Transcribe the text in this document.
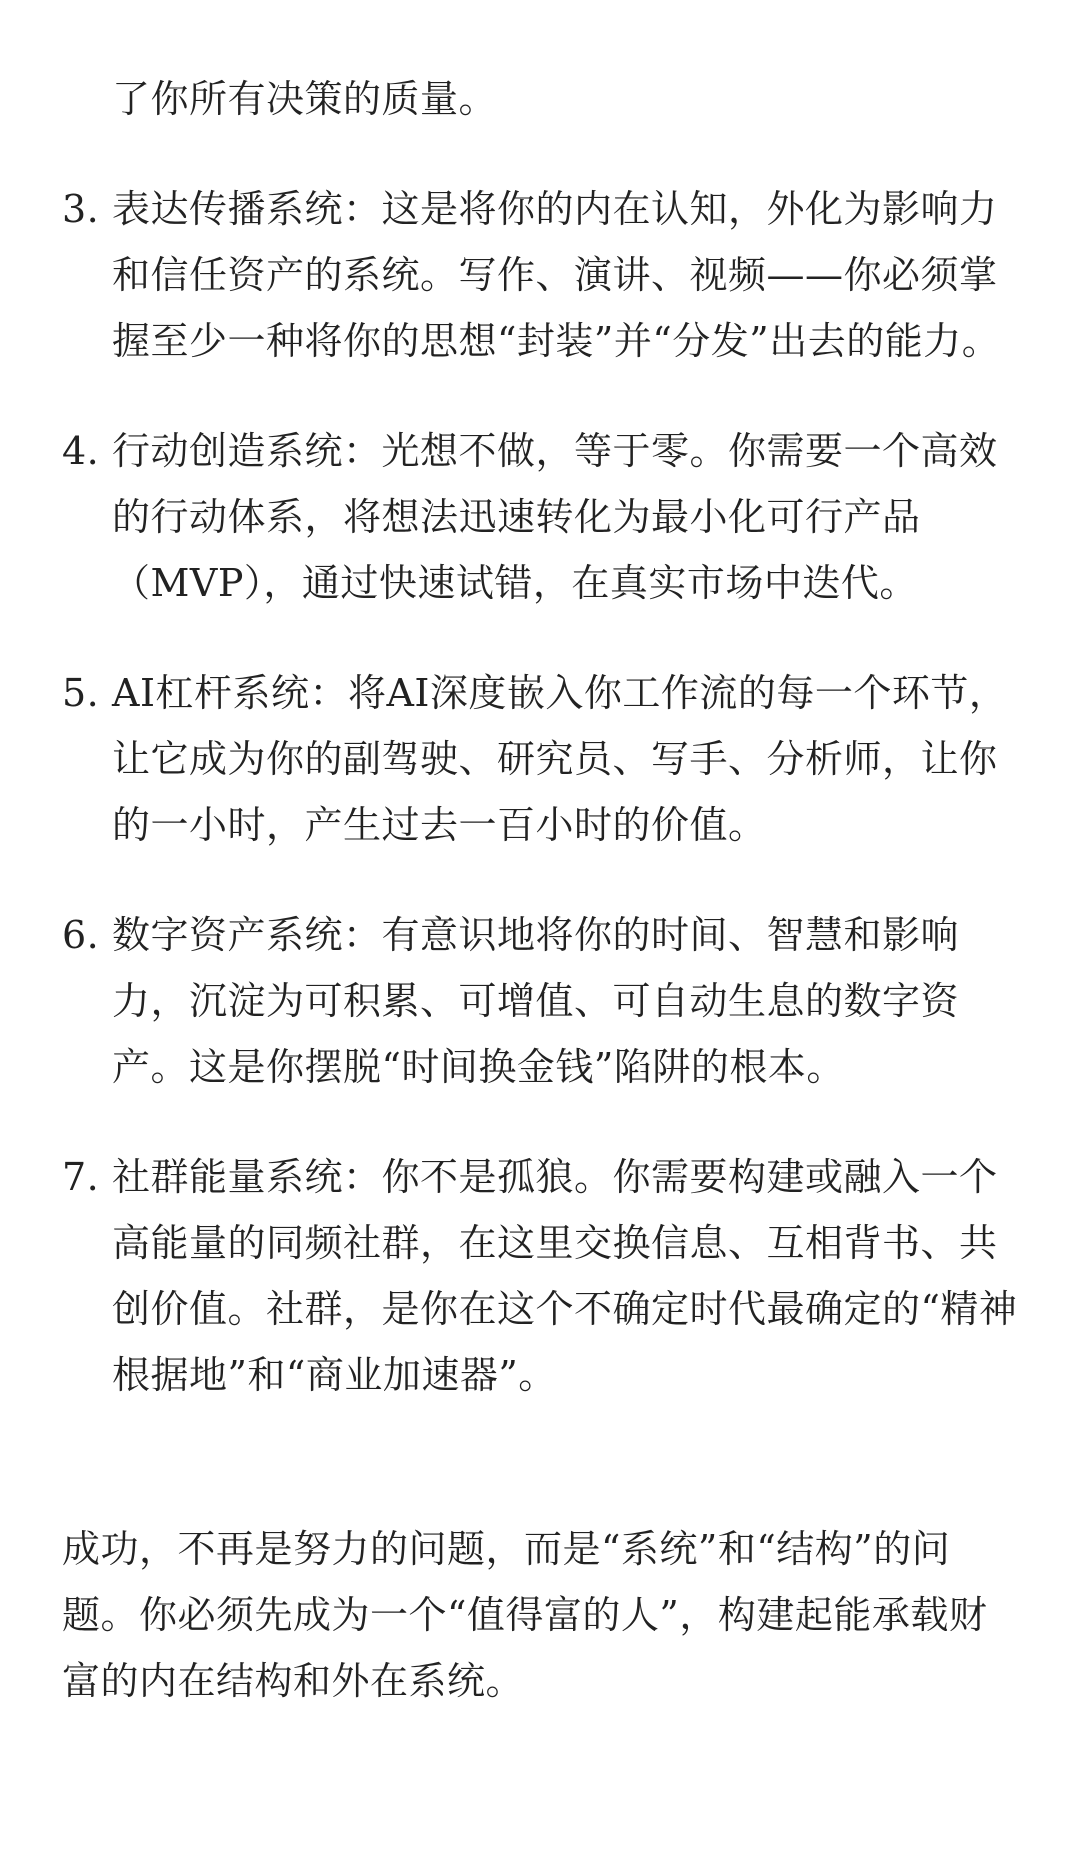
了你所有决策的质量。

3. 表达传播系统：这是将你的内在认知，外化为影响力和信任资产的系统。写作、演讲、视频——你必须掌握至少一种将你的思想“封装”并“分发”出去的能力。
4. 行动创造系统：光想不做，等于零。你需要一个高效的行动体系，将想法迅速转化为最小化可行产品（MVP），通过快速试错，在真实市场中迭代。
5. AI杠杆系统：将AI深度嵌入你工作流的每一个环节，让它成为你的副驾驶、研究员、写手、分析师，让你的一小时，产生过去一百小时的价值。
6. 数字资产系统：有意识地将你的时间、智慧和影响力，沉淀为可积累、可增值、可自动生息的数字资产。这是你摆脱“时间换金钱”陷阱的根本。
7. 社群能量系统：你不是孤狼。你需要构建或融入一个高能量的同频社群，在这里交换信息、互相背书、共创价值。社群，是你在这个不确定时代最确定的“精神根据地”和“商业加速器”。

成功，不再是努力的问题，而是“系统”和“结构”的问题。你必须先成为一个“值得富的人”，构建起能承载财富的内在结构和外在系统。
